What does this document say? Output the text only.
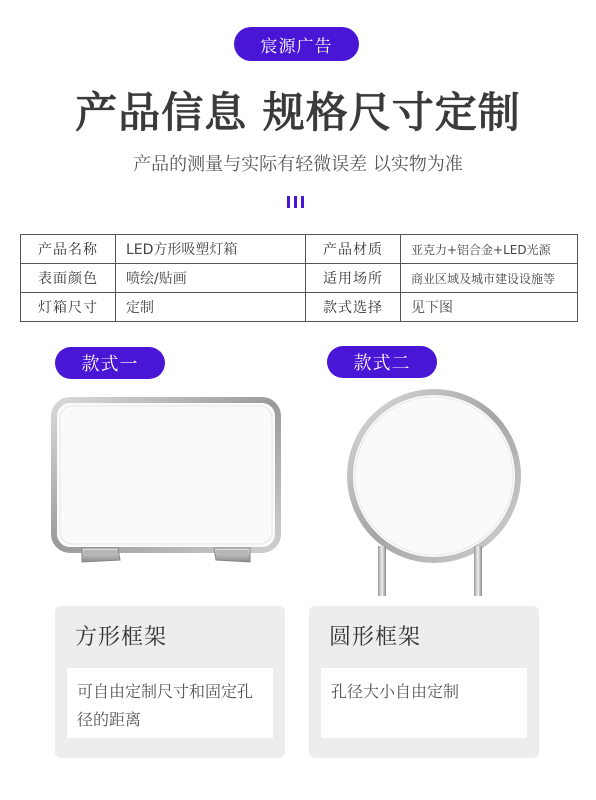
宸源广告
产品信息 规格尺寸定制
产品的测量与实际有轻微误差 以实物为准
产品名称	LED方形吸塑灯箱	产品材质	亚克力+铝合金+LED光源
表面颜色	喷绘/贴画	适用场所	商业区域及城市建设设施等
灯箱尺寸	定制	款式选择	见下图
款式一	款式二
方形框架
可自由定制尺寸和固定孔径的距离
圆形框架
孔径大小自由定制
